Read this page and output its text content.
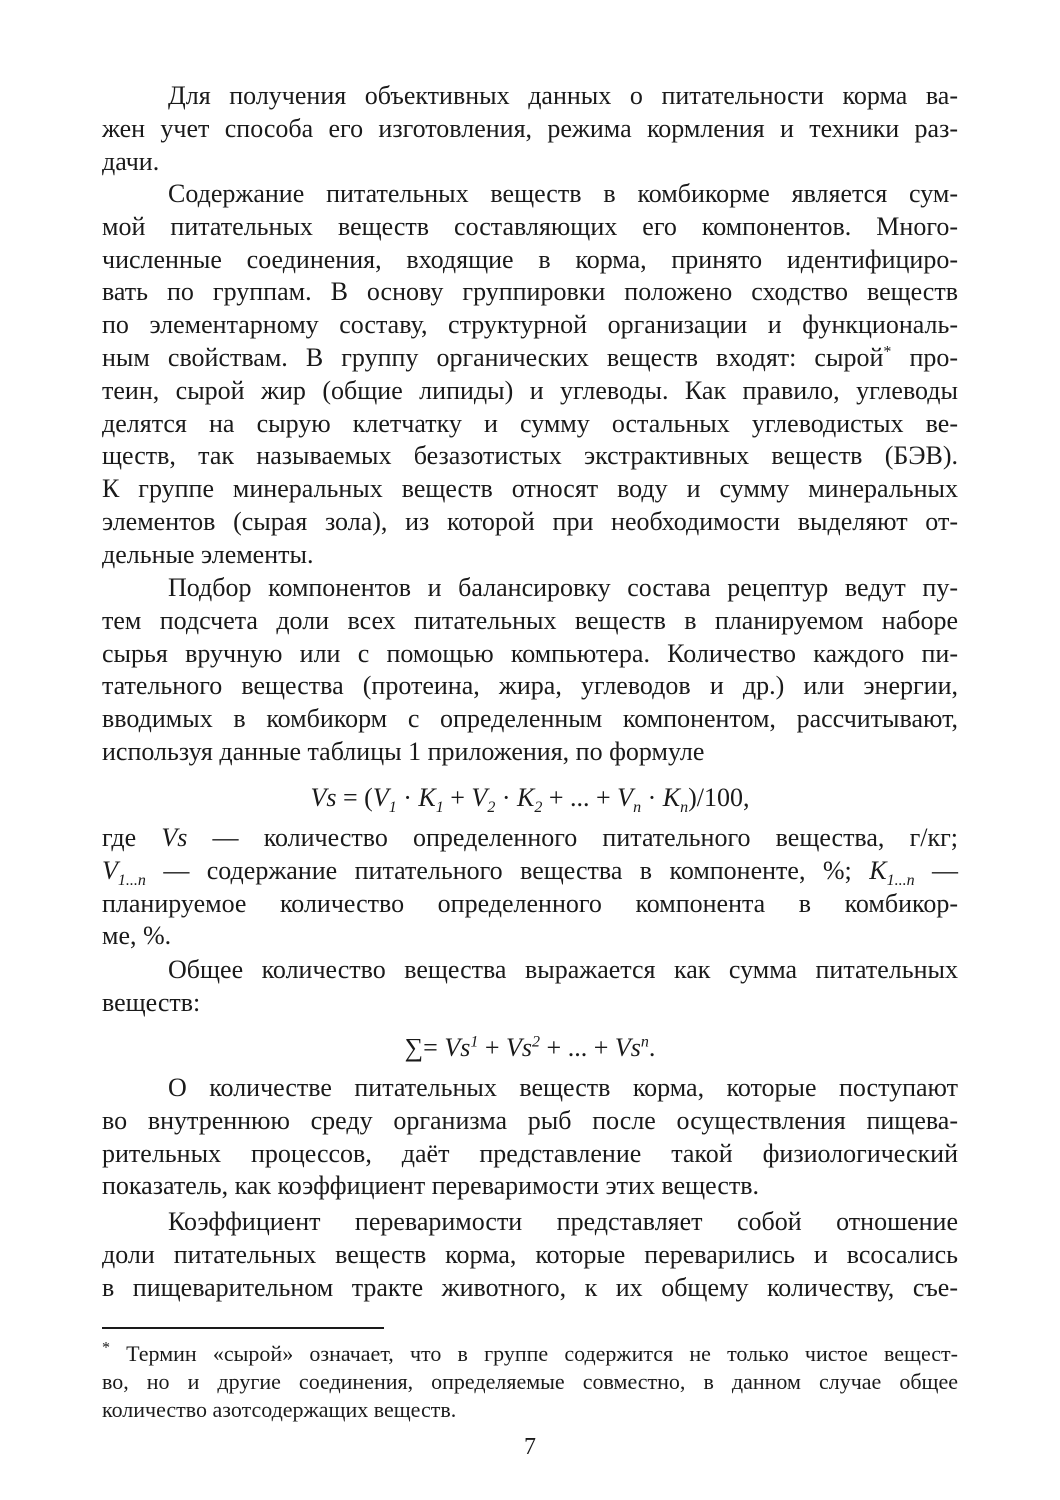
Для получения объективных данных о питательности корма ва-
жен учет способа его изготовления, режима кормления и техники раз-
дачи.
Содержание питательных веществ в комбикорме является сум-
мой питательных веществ составляющих его компонентов. Много-
численные соединения, входящие в корма, принято идентифициро-
вать по группам. В основу группировки положено сходство веществ
по элементарному составу, структурной организации и функциональ-
ным свойствам. В группу органических веществ входят: сырой* про-
тeин, сырой жир (общие липиды) и углеводы. Как правило, углеводы
делятся на сырую клетчатку и сумму остальных углеводистых ве-
ществ, так называемых безазотистых экстрактивных веществ (БЭВ).
К группе минеральных веществ относят воду и сумму минеральных
элементов (сырая зола), из которой при необходимости выделяют от-
дельные элементы.
Подбор компонентов и балансировку состава рецептур ведут пу-
тем подсчета доли всех питательных веществ в планируемом наборе
сырья вручную или с помощью компьютера. Количество каждого пи-
тательного вещества (протеина, жира, углеводов и др.) или энергии,
вводимых в комбикорм с определенным компонентом, рассчитывают,
используя данные таблицы 1 приложения, по формуле
$Vs = (V_1 \cdot K_1 + V_2 \cdot K_2$ + ... + $V_n \cdot K_n)/100$,
где Vs — количество определенного питательного вещества, г/кг;
$V_{1...n}$ — содержание питательного вещества в компоненте, %; $K_{1...n}$ —
планируемое количество определенного компонента в комбикор-
ме, %.
Общее количество вещества выражается как сумма питательных
веществ:
∑= $Vs^1 + Vs^2$ + ... + $Vs^n$.
О количестве питательных веществ корма, которые поступают
во внутреннюю среду организма рыб после осуществления пищева-
рительных процессов, даёт представление такой физиологический
показатель, как коэффициент переваримости этих веществ.
Коэффициент переваримости представляет собой отношение
доли питательных веществ корма, которые переварились и всосались
в пищеварительном тракте животного, к их общему количеству, съе-
* Термин «сырой» означает, что в группе содержится не только чистое вещест-
во, но и другие соединения, определяемые совместно, в данном случае общее
количество азотсодержащих веществ.
7
